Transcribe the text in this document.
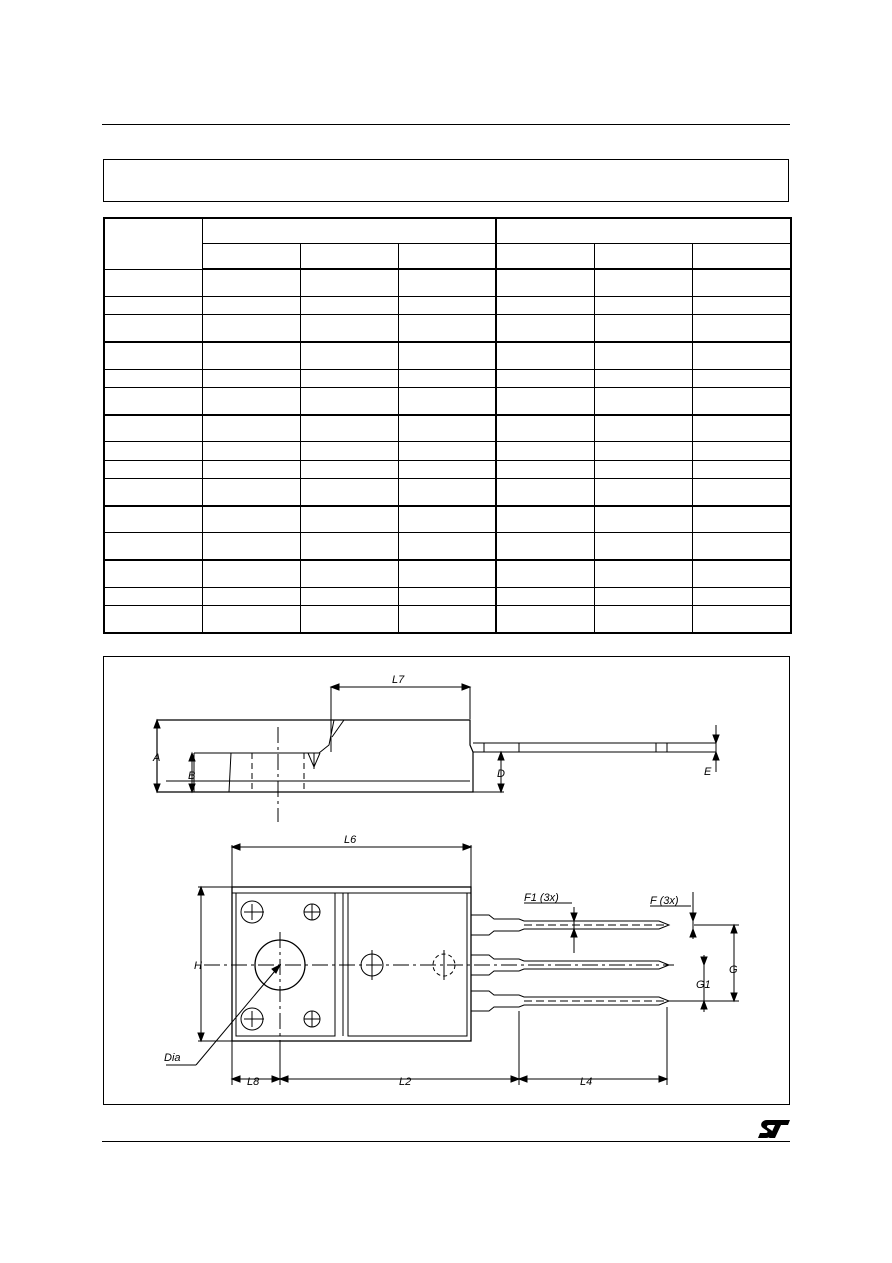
L7
A
B	D	E
L6
H
F1 (3x)	F (3x)
G
G1
Dia
L8	L2	L4
